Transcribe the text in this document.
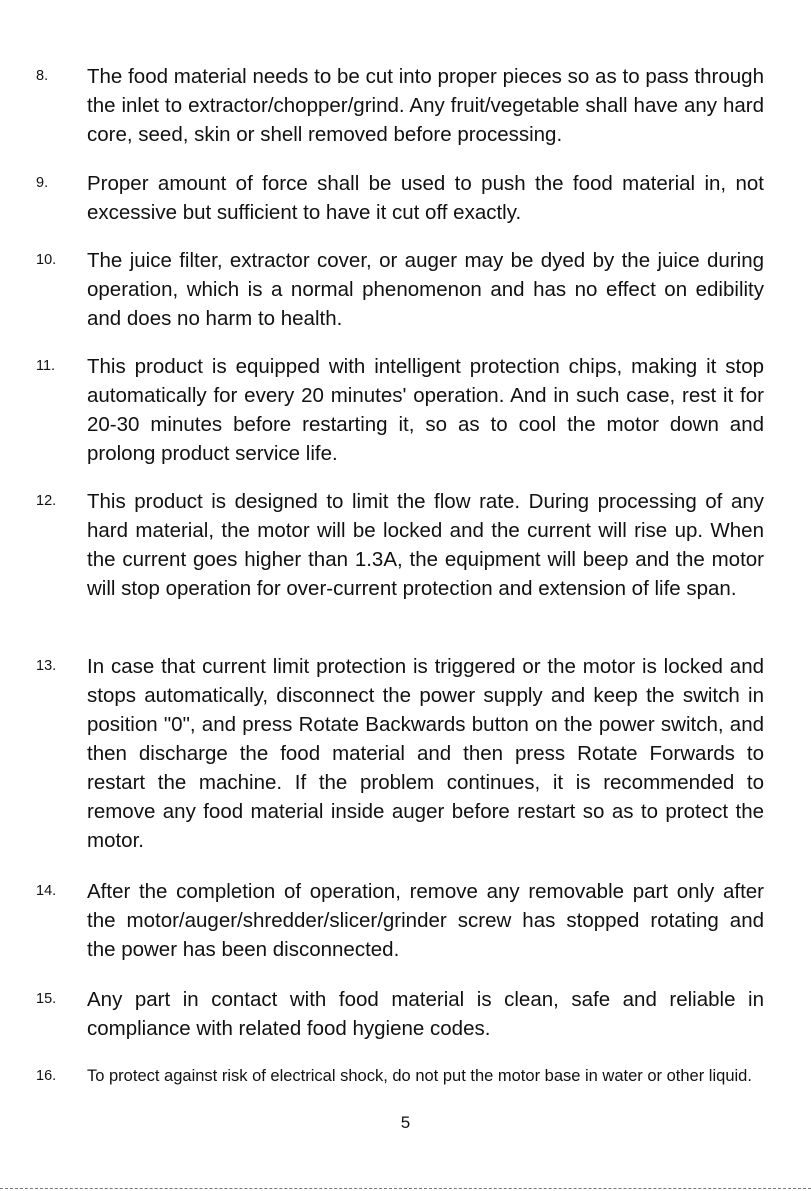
8.	The food material needs to be cut into proper pieces so as to pass through the inlet to extractor/chopper/grind. Any fruit/vegetable shall have any hard core, seed, skin or shell removed before processing.

9.	Proper amount of force shall be used to push the food material in, not excessive but sufficient to have it cut off exactly.

10.	The juice filter, extractor cover, or auger may be dyed by the juice during operation, which is a normal phenomenon and has no effect on edibility and does no harm to health.

11.	This product is equipped with intelligent protection chips, making it stop automatically for every 20 minutes' operation. And in such case, rest it for 20-30 minutes before restarting it, so as to cool the motor down and prolong product service life.

12.	This product is designed to limit the flow rate. During processing of any hard material, the motor will be locked and the current will rise up. When the current goes higher than 1.3A, the equipment will beep and the motor will stop operation for over-current protection and extension of life span.

13.	In case that current limit protection is triggered or the motor is locked and stops automatically, disconnect the power supply and keep the switch in position "0", and press Rotate Backwards button on the power switch, and then discharge the food material and then press Rotate Forwards to restart the machine. If the problem continues, it is recommended to remove any food material inside auger before restart so as to protect the motor.

14.	After the completion of operation, remove any removable part only after the motor/auger/shredder/slicer/grinder screw has stopped rotating and the power has been disconnected.

15.	Any part in contact with food material is clean, safe and reliable in compliance with related food hygiene codes.

16.	To protect against risk of electrical shock, do not put the motor base in water or other liquid.

5
